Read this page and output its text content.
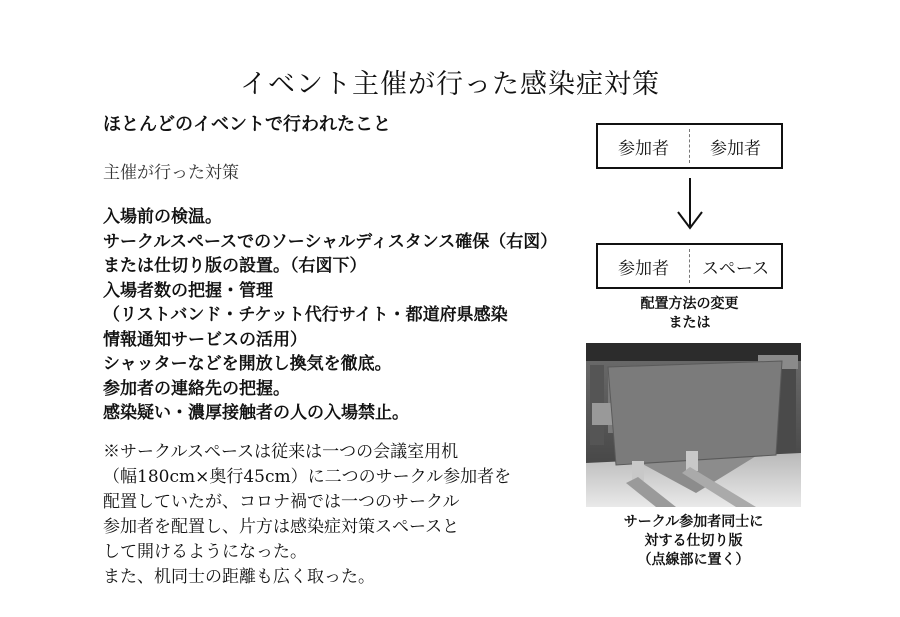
イベント主催が行った感染症対策
ほとんどのイベントで行われたこと
主催が行った対策
入場前の検温。
サークルスペースでのソーシャルディスタンス確保（右図）
または仕切り版の設置。（右図下）
入場者数の把握・管理
（リストバンド・チケット代行サイト・都道府県感染
情報通知サービスの活用）
シャッターなどを開放し換気を徹底。
参加者の連絡先の把握。
感染疑い・濃厚接触者の人の入場禁止。
※サークルスペースは従来は一つの会議室用机
（幅180cm×奥行45cm）に二つのサークル参加者を
配置していたが、コロナ禍では一つのサークル
参加者を配置し、片方は感染症対策スペースと
して開けるようになった。
また、机同士の距離も広く取った。
参加者	参加者
参加者	スペース
配置方法の変更
または
サークル参加者同士に
対する仕切り版
（点線部に置く）
